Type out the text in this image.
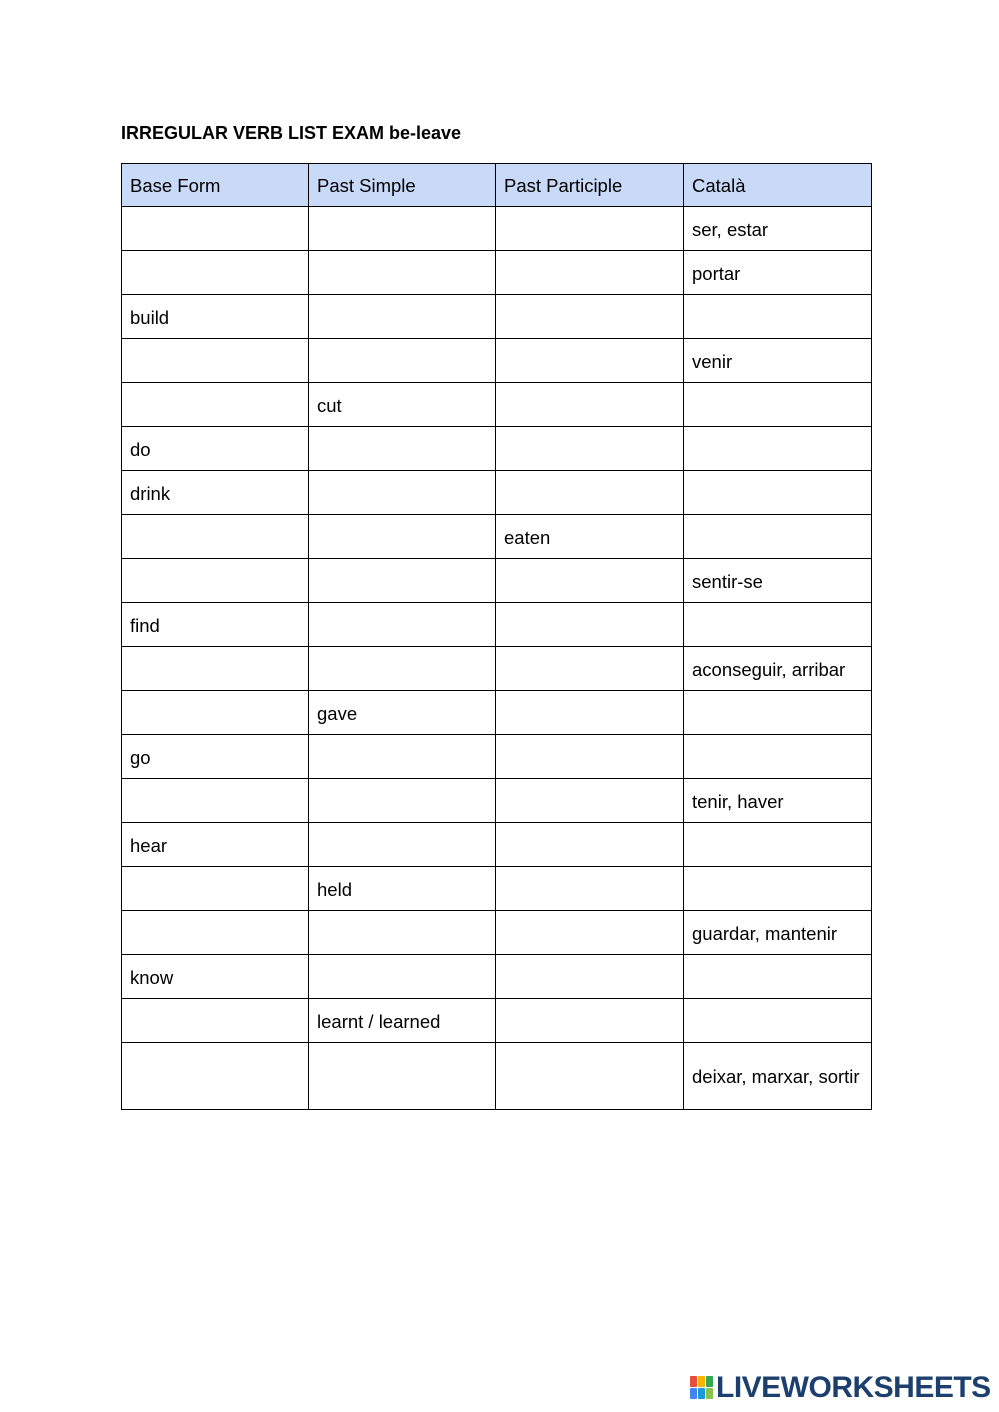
IRREGULAR VERB LIST EXAM be-leave
Base Form	Past Simple	Past Participle	Català
			ser, estar
			portar
build			
			venir
	cut		
do			
drink			
		eaten	
			sentir-se
find			
			aconseguir, arribar
	gave		
go			
			tenir, haver
hear			
	held		
			guardar, mantenir
know			
	learnt / learned		
			deixar, marxar, sortir
LIVEWORKSHEETS
